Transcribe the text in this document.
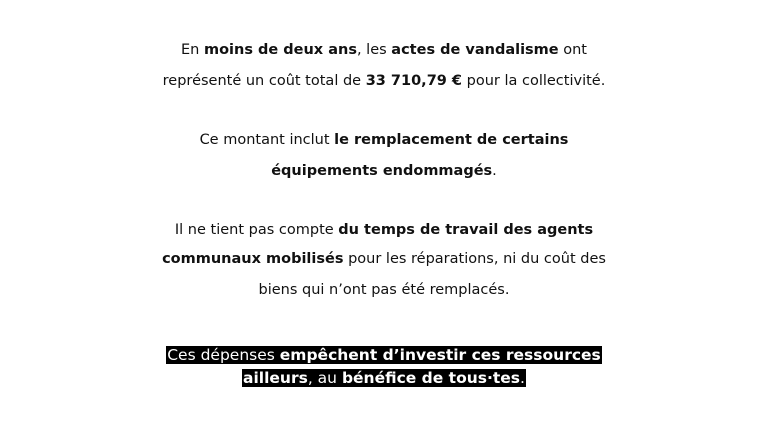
En moins de deux ans, les actes de vandalisme ont
représenté un coût total de 33 710,79 € pour la collectivité.
Ce montant inclut le remplacement de certains
équipements endommagés.
Il ne tient pas compte du temps de travail des agents
communaux mobilisés pour les réparations, ni du coût des
biens qui n’ont pas été remplacés.
Ces dépenses empêchent d’investir ces ressources
ailleurs, au bénéfice de tous·tes.
